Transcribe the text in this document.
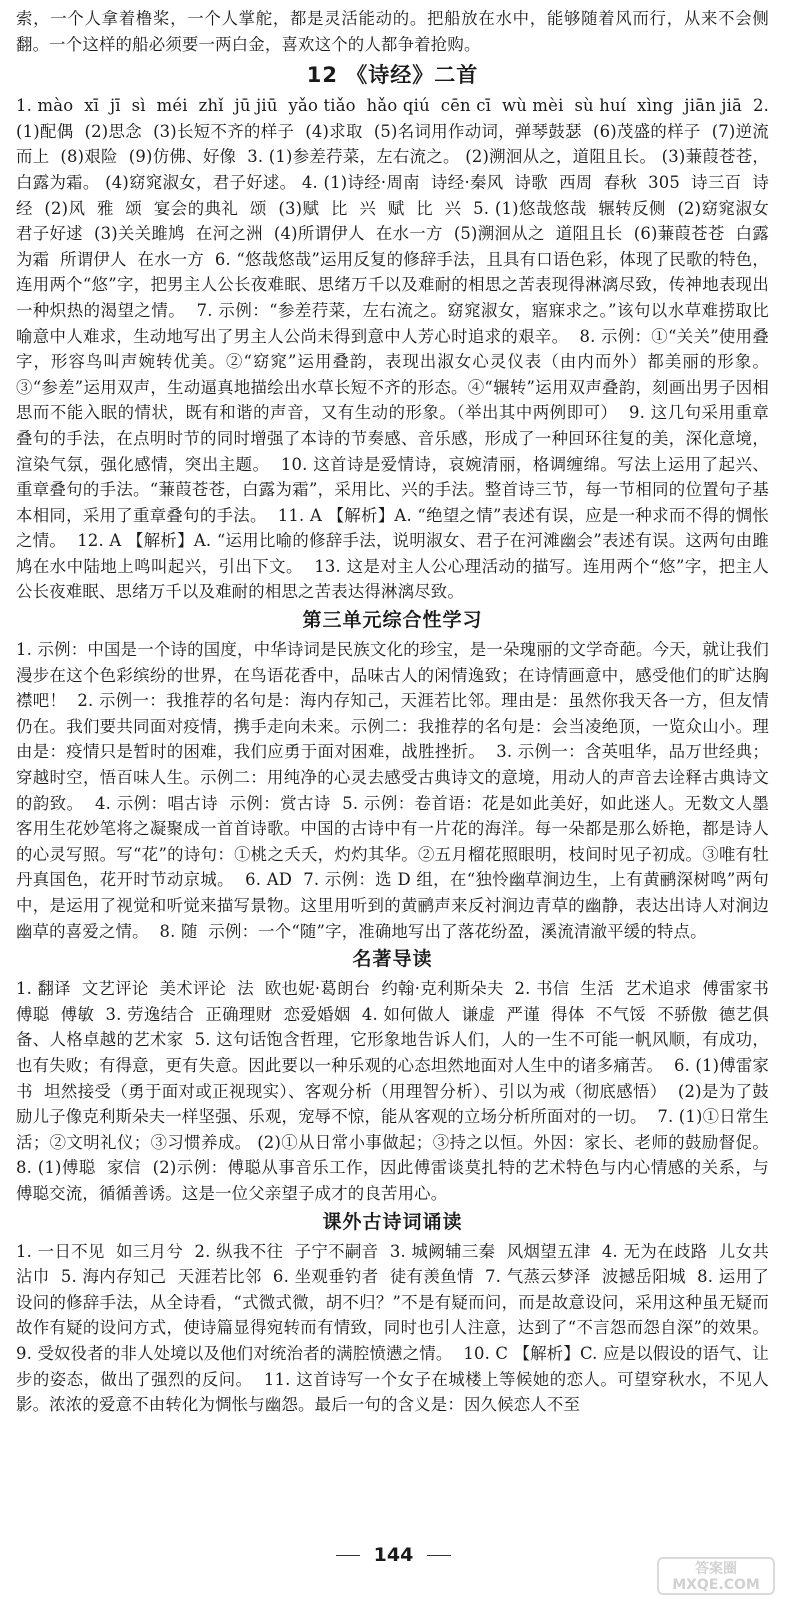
索，一个人拿着橹桨，一个人掌舵，都是灵活能动的。把船放在水中，能够随着风而行，从来不会侧翻。一个这样的船必须要一两白金，喜欢这个的人都争着抢购。

12 《诗经》二首

1. mào  xī  jī  sì  méi  zhǐ  jū jiū  yǎo tiǎo  hǎo qiú  cēn cī  wù mèi  sù huí  xìng  jiān jiā  2. (1)配偶  (2)思念  (3)长短不齐的样子  (4)求取  (5)名词用作动词，弹琴鼓瑟  (6)茂盛的样子  (7)逆流而上  (8)艰险  (9)仿佛、好像  3. (1)参差荇菜，左右流之。 (2)溯洄从之，道阻且长。 (3)蒹葭苍苍，白露为霜。 (4)窈窕淑女，君子好逑。 4. (1)诗经·周南  诗经·秦风  诗歌  西周  春秋  305  诗三百  诗经  (2)风  雅  颂  宴会的典礼  颂  (3)赋  比  兴  赋  比  兴  5. (1)悠哉悠哉  辗转反侧  (2)窈窕淑女  君子好逑  (3)关关雎鸠  在河之洲  (4)所谓伊人  在水一方  (5)溯洄从之  道阻且长  (6)蒹葭苍苍  白露为霜  所谓伊人  在水一方  6. “悠哉悠哉”运用反复的修辞手法，且具有口语色彩，体现了民歌的特色，连用两个“悠”字，把男主人公长夜难眠、思绪万千以及难耐的相思之苦表现得淋漓尽致，传神地表现出一种炽热的渴望之情。  7. 示例：“参差荇菜，左右流之。窈窕淑女，寤寐求之。”该句以水草难捞取比喻意中人难求，生动地写出了男主人公尚未得到意中人芳心时追求的艰辛。  8. 示例：①“关关”使用叠字，形容鸟叫声婉转优美。②“窈窕”运用叠韵，表现出淑女心灵仪表（由内而外）都美丽的形象。③“参差”运用双声，生动逼真地描绘出水草长短不齐的形态。④“辗转”运用双声叠韵，刻画出男子因相思而不能入眠的情状，既有和谐的声音，又有生动的形象。（举出其中两例即可）  9. 这几句采用重章叠句的手法，在点明时节的同时增强了本诗的节奏感、音乐感，形成了一种回环往复的美，深化意境，渲染气氛，强化感情，突出主题。  10. 这首诗是爱情诗，哀婉清丽，格调缠绵。写法上运用了起兴、重章叠句的手法。“蒹葭苍苍，白露为霜”，采用比、兴的手法。整首诗三节，每一节相同的位置句子基本相同，采用了重章叠句的手法。  11. A 【解析】A. “绝望之情”表述有误，应是一种求而不得的惆怅之情。  12. A 【解析】A. “运用比喻的修辞手法，说明淑女、君子在河滩幽会”表述有误。这两句由雎鸠在水中陆地上鸣叫起兴，引出下文。  13. 这是对主人公心理活动的描写。连用两个“悠”字，把主人公长夜难眠、思绪万千以及难耐的相思之苦表达得淋漓尽致。

第三单元综合性学习

1. 示例：中国是一个诗的国度，中华诗词是民族文化的珍宝，是一朵瑰丽的文学奇葩。今天，就让我们漫步在这个色彩缤纷的世界，在鸟语花香中，品味古人的闲情逸致；在诗情画意中，感受他们的旷达胸襟吧！  2. 示例一：我推荐的名句是：海内存知己，天涯若比邻。理由是：虽然你我天各一方，但友情仍在。我们要共同面对疫情，携手走向未来。示例二：我推荐的名句是：会当凌绝顶，一览众山小。理由是：疫情只是暂时的困难，我们应勇于面对困难，战胜挫折。  3. 示例一：含英咀华，品万世经典；穿越时空，悟百味人生。示例二：用纯净的心灵去感受古典诗文的意境，用动人的声音去诠释古典诗文的韵致。  4. 示例：唱古诗  示例：赏古诗  5. 示例：卷首语：花是如此美好，如此迷人。无数文人墨客用生花妙笔将之凝聚成一首首诗歌。中国的古诗中有一片花的海洋。每一朵都是那么娇艳，都是诗人的心灵写照。写“花”的诗句：①桃之夭夭，灼灼其华。②五月榴花照眼明，枝间时见子初成。③唯有牡丹真国色，花开时节动京城。  6. AD  7. 示例：选 D 组，在“独怜幽草涧边生，上有黄鹂深树鸣”两句中，是运用了视觉和听觉来描写景物。这里用听到的黄鹂声来反衬涧边青草的幽静，表达出诗人对涧边幽草的喜爱之情。  8. 随  示例：一个“随”字，准确地写出了落花纷盈，溪流清澈平缓的特点。

名著导读

1. 翻译  文艺评论  美术评论  法  欧也妮·葛朗台  约翰·克利斯朵夫  2. 书信  生活  艺术追求  傅雷家书  傅聪  傅敏  3. 劳逸结合  正确理财  恋爱婚姻  4. 如何做人  谦虚  严谨  得体  不气馁  不骄傲  德艺俱备、人格卓越的艺术家  5. 这句话饱含哲理，它形象地告诉人们，人的一生不可能一帆风顺，有成功，也有失败；有得意，更有失意。因此要以一种乐观的心态坦然地面对人生中的诸多痛苦。  6. (1)傅雷家书  坦然接受（勇于面对或正视现实）、客观分析（用理智分析）、引以为戒（彻底感悟）  (2)是为了鼓励儿子像克利斯朵夫一样坚强、乐观，宠辱不惊，能从客观的立场分析所面对的一切。  7. (1)①日常生活；②文明礼仪；③习惯养成。 (2)①从日常小事做起；③持之以恒。外因：家长、老师的鼓励督促。  8. (1)傅聪  家信  (2)示例：傅聪从事音乐工作，因此傅雷谈莫扎特的艺术特色与内心情感的关系，与傅聪交流，循循善诱。这是一位父亲望子成才的良苦用心。

课外古诗词诵读

1. 一日不见  如三月兮  2. 纵我不往  子宁不嗣音  3. 城阙辅三秦  风烟望五津  4. 无为在歧路  儿女共沾巾  5. 海内存知己  天涯若比邻  6. 坐观垂钓者  徒有羡鱼情  7. 气蒸云梦泽  波撼岳阳城  8. 运用了设问的修辞手法，从全诗看，“式微式微，胡不归？”不是有疑而问，而是故意设问，采用这种虽无疑而故作有疑的设问方式，使诗篇显得宛转而有情致，同时也引人注意，达到了“不言怨而怨自深”的效果。  9. 受奴役者的非人处境以及他们对统治者的满腔愤懑之情。  10. C 【解析】C. 应是以假设的语气、让步的姿态，做出了强烈的反问。  11. 这首诗写一个女子在城楼上等候她的恋人。可望穿秋水，不见人影。浓浓的爱意不由转化为惆怅与幽怨。最后一句的含义是：因久候恋人不至

144
答案圈
MXQE.COM
